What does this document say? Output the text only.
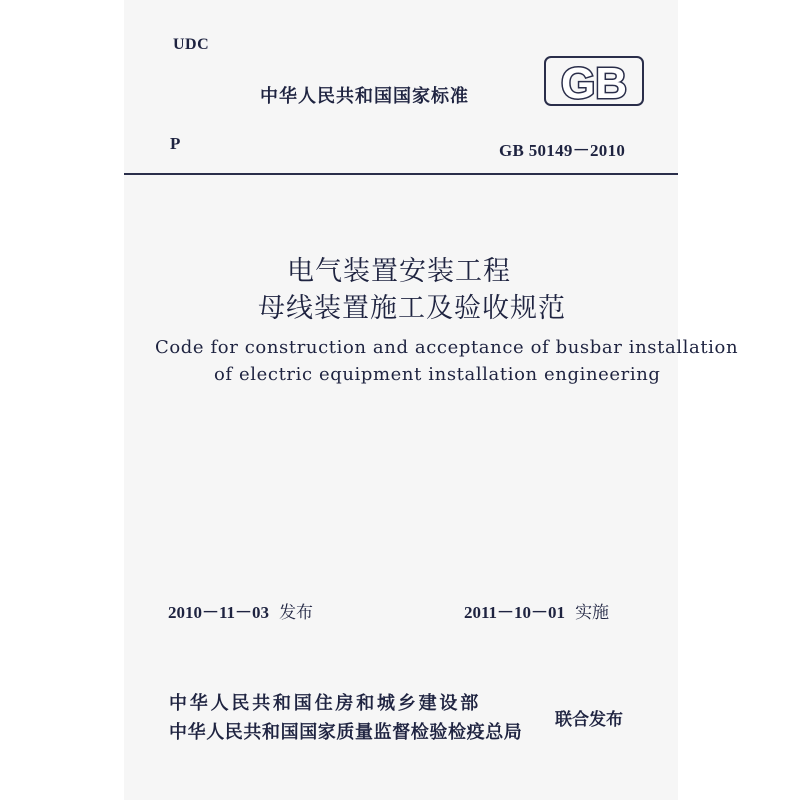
UDC
中华人民共和国国家标准 GB
P	GB 50149－2010
电气装置安装工程
母线装置施工及验收规范
Code for construction and acceptance of busbar installation
of electric equipment installation engineering
2010－11－03 发布	2011－10－01 实施
中华人民共和国住房和城乡建设部
中华人民共和国国家质量监督检验检疫总局
联合发布
